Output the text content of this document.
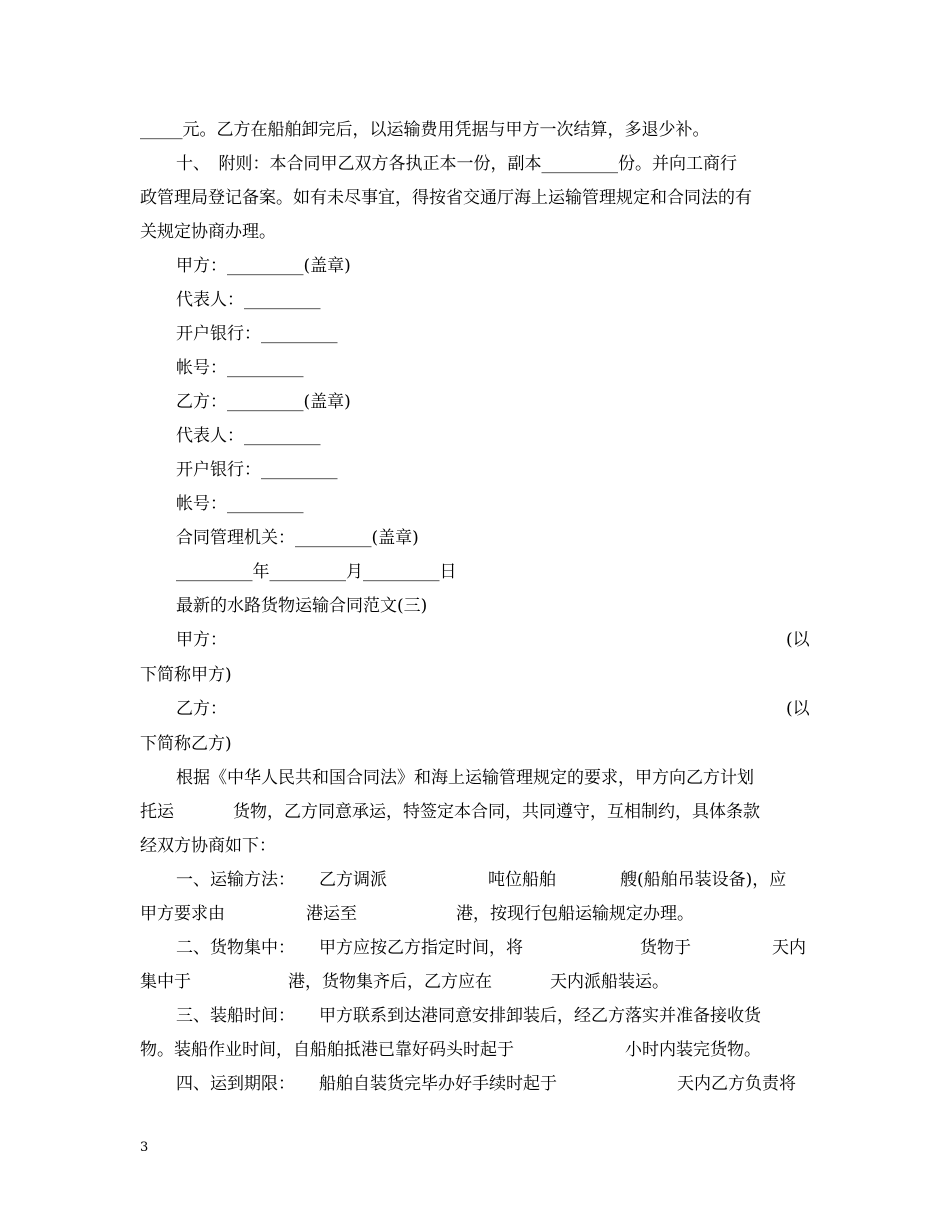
_____元。乙方在船舶卸完后，以运输费用凭据与甲方一次结算，多退少补。
十、　附则：本合同甲乙双方各执正本一份，副本_________份。并向工商行
政管理局登记备案。如有未尽事宜，得按省交通厅海上运输管理规定和合同法的有
关规定协商办理。
甲方：_________(盖章)
代表人：_________
开户银行：_________
帐号：_________
乙方：_________(盖章)
代表人：_________
开户银行：_________
帐号：_________
合同管理机关：_________(盖章)
_________年_________月_________日
最新的水路货物运输合同范文(三)
甲方：	(以
下简称甲方)
乙方：	(以
下简称乙方)
根据《中华人民共和国合同法》和海上运输管理规定的要求，甲方向乙方计划
托运	货物，乙方同意承运，特签定本合同，共同遵守，互相制约，具体条款
经双方协商如下：
一、运输方法： 乙方调派	吨位船舶	艘(船舶吊装设备)，应
甲方要求由	港运至	港，按现行包船运输规定办理。
二、货物集中： 甲方应按乙方指定时间，将	货物于	天内
集中于	港，货物集齐后，乙方应在	天内派船装运。
三、装船时间： 甲方联系到达港同意安排卸装后，经乙方落实并准备接收货
物。装船作业时间，自船舶抵港已靠好码头时起于	小时内装完货物。
四、运到期限： 船舶自装货完毕办好手续时起于	天内乙方负责将
3
